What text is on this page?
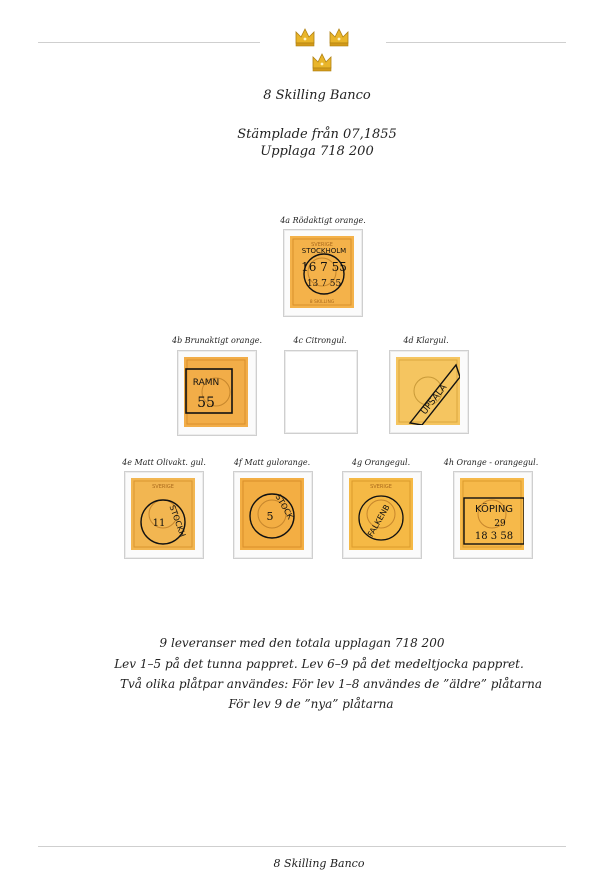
8 Skilling Banco
Stämplade från 07,1855
Upplaga 718 200
4a Rödaktigt orange.
SVERIGE
8 SKILLING
16 7 55
13 7 55
STOCKHOLM
4b Brunaktigt orange.
RAMN
55
4c Citrongul.	4d Klargul.
UPSALA
4e Matt Olivakt. gul.
SVERIGE
11 STOCKH
4f Matt gulorange.
5 STOCK
4g Orangegul.
SVERIGE
FALKENB
4h Orange - orangegul.
KÖPING
29
18 3 58
9 leveranser med den totala upplagan 718 200
Lev 1–5 på det tunna pappret. Lev 6–9 på det medeltjocka pappret.
Två olika plåtpar användes: För lev 1–8 användes de ”äldre” plåtarna
För lev 9 de ”nya” plåtarna
8 Skilling Banco
